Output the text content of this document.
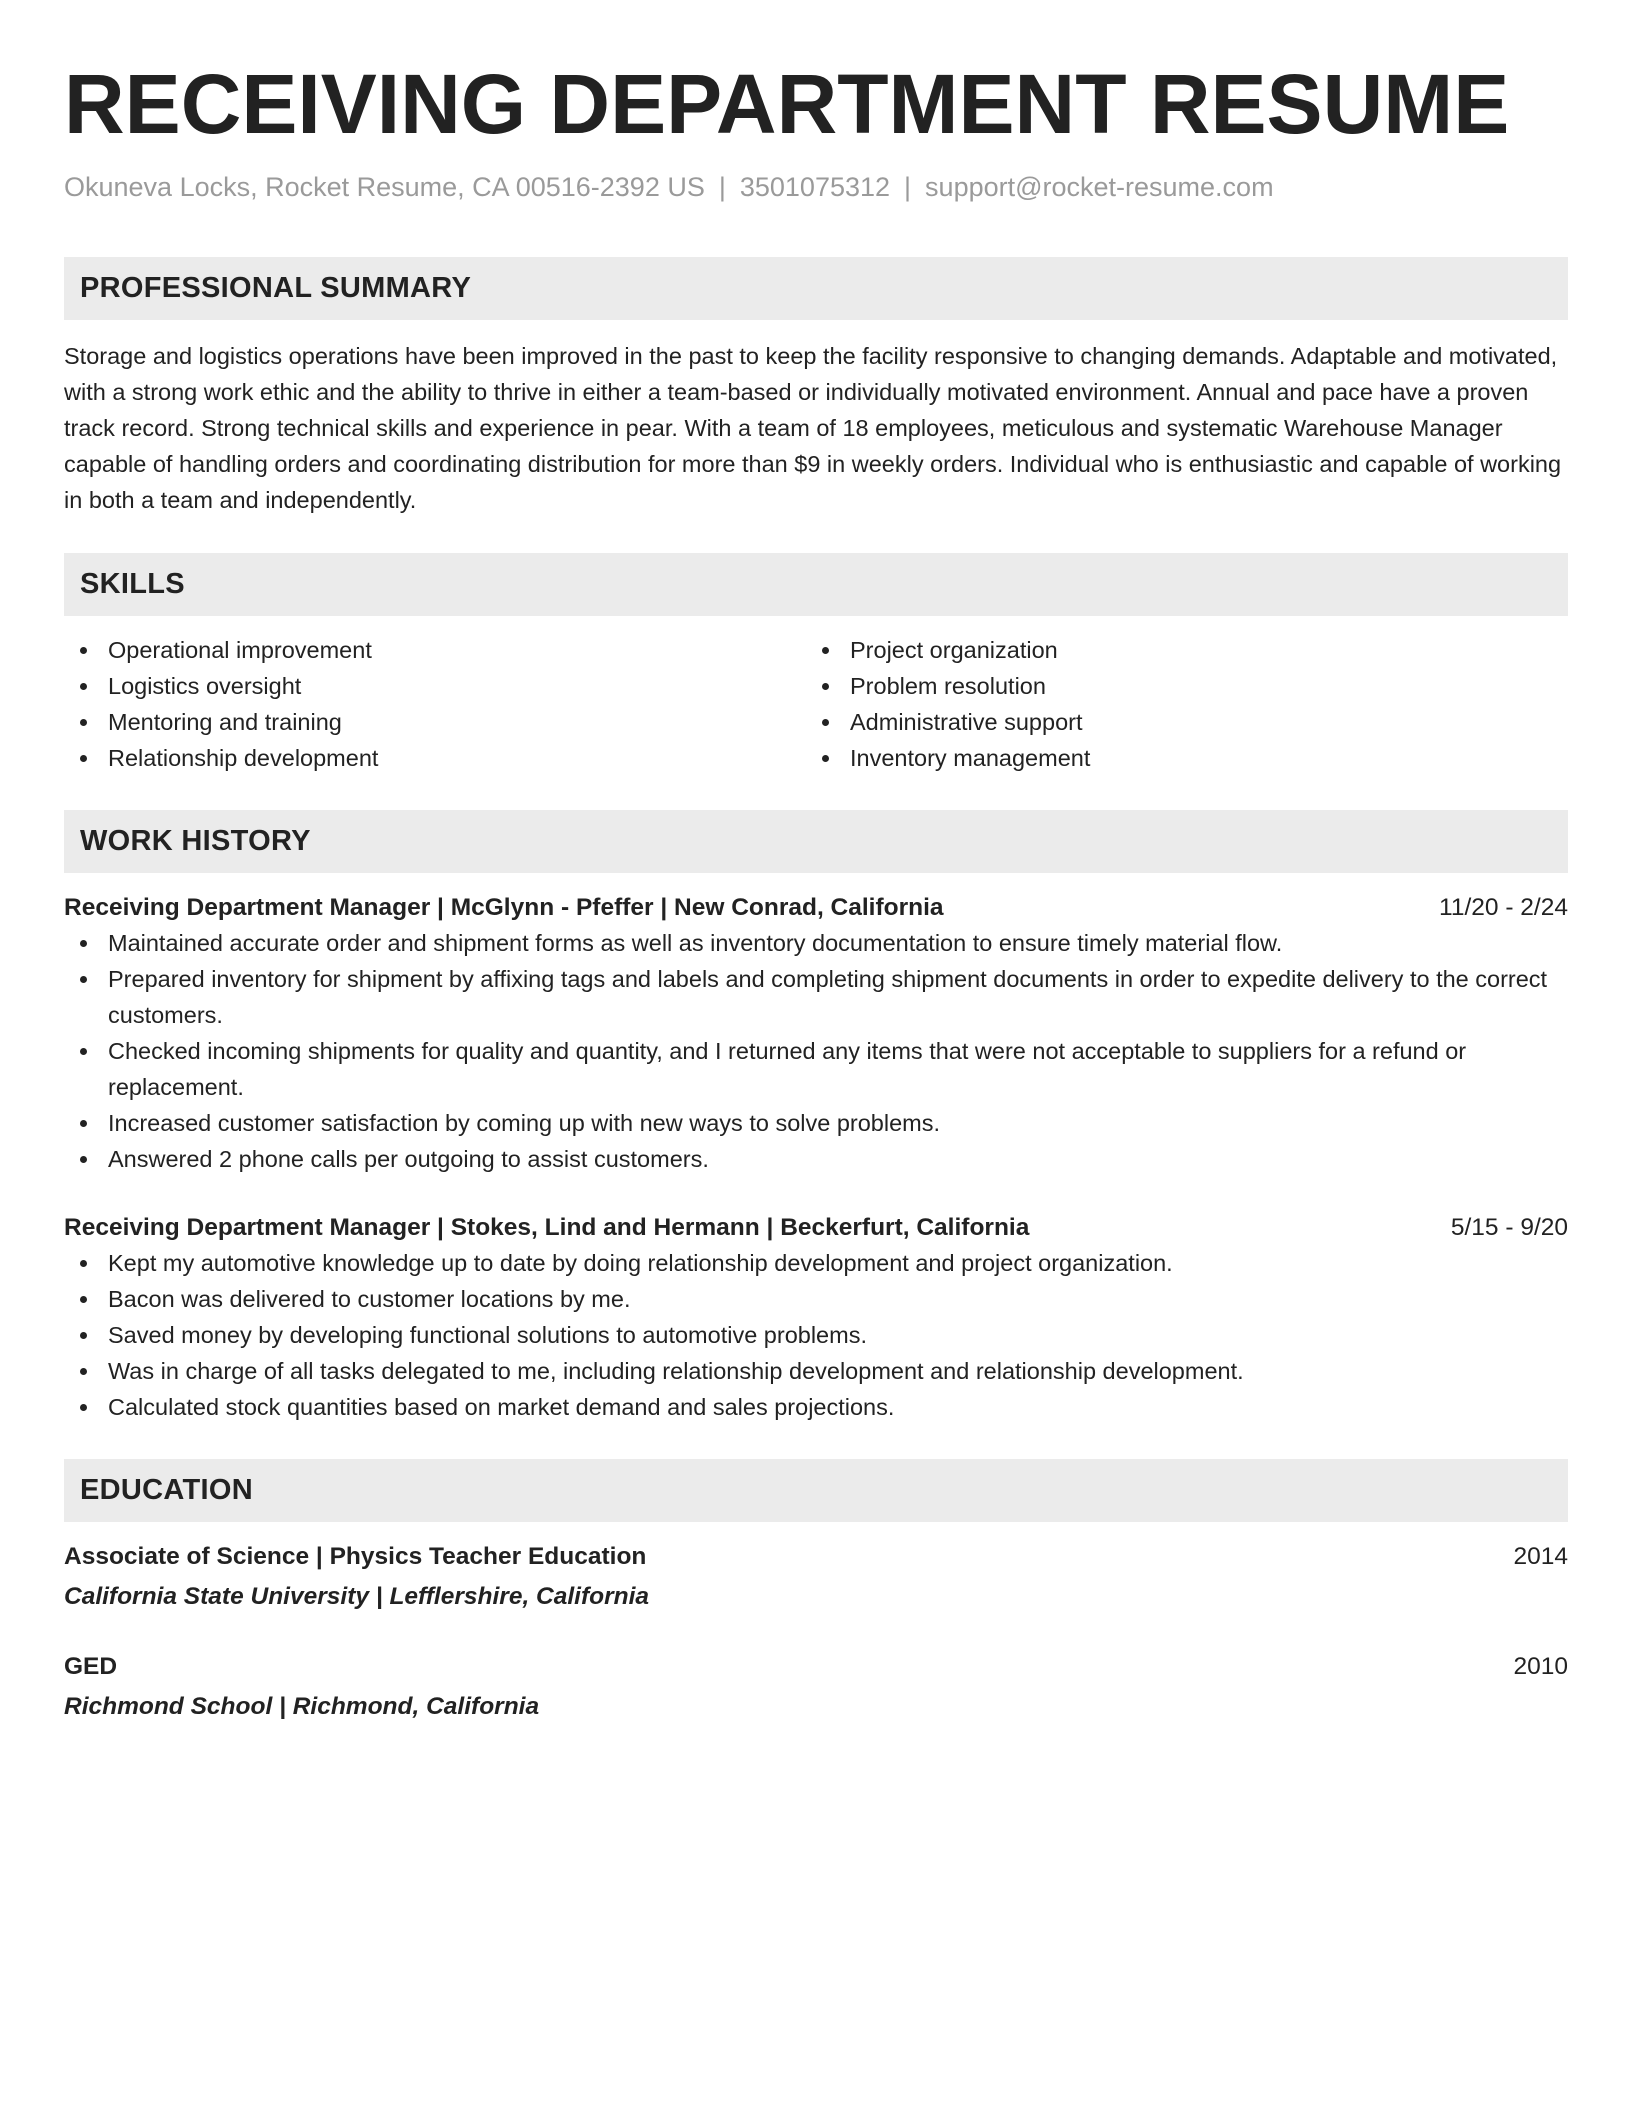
RECEIVING DEPARTMENT RESUME
Okuneva Locks, Rocket Resume, CA 00516-2392 US | 3501075312 | support@rocket-resume.com
PROFESSIONAL SUMMARY
Storage and logistics operations have been improved in the past to keep the facility responsive to changing demands. Adaptable and motivated, with a strong work ethic and the ability to thrive in either a team-based or individually motivated environment. Annual and pace have a proven track record. Strong technical skills and experience in pear. With a team of 18 employees, meticulous and systematic Warehouse Manager capable of handling orders and coordinating distribution for more than $9 in weekly orders. Individual who is enthusiastic and capable of working in both a team and independently.
SKILLS
Operational improvement
Logistics oversight
Mentoring and training
Relationship development
Project organization
Problem resolution
Administrative support
Inventory management
WORK HISTORY
Receiving Department Manager | McGlynn - Pfeffer | New Conrad, California	11/20 - 2/24
Maintained accurate order and shipment forms as well as inventory documentation to ensure timely material flow.
Prepared inventory for shipment by affixing tags and labels and completing shipment documents in order to expedite delivery to the correct customers.
Checked incoming shipments for quality and quantity, and I returned any items that were not acceptable to suppliers for a refund or replacement.
Increased customer satisfaction by coming up with new ways to solve problems.
Answered 2 phone calls per outgoing to assist customers.
Receiving Department Manager | Stokes, Lind and Hermann | Beckerfurt, California	5/15 - 9/20
Kept my automotive knowledge up to date by doing relationship development and project organization.
Bacon was delivered to customer locations by me.
Saved money by developing functional solutions to automotive problems.
Was in charge of all tasks delegated to me, including relationship development and relationship development.
Calculated stock quantities based on market demand and sales projections.
EDUCATION
Associate of Science | Physics Teacher Education	2014
California State University | Lefflershire, California
GED	2010
Richmond School | Richmond, California
